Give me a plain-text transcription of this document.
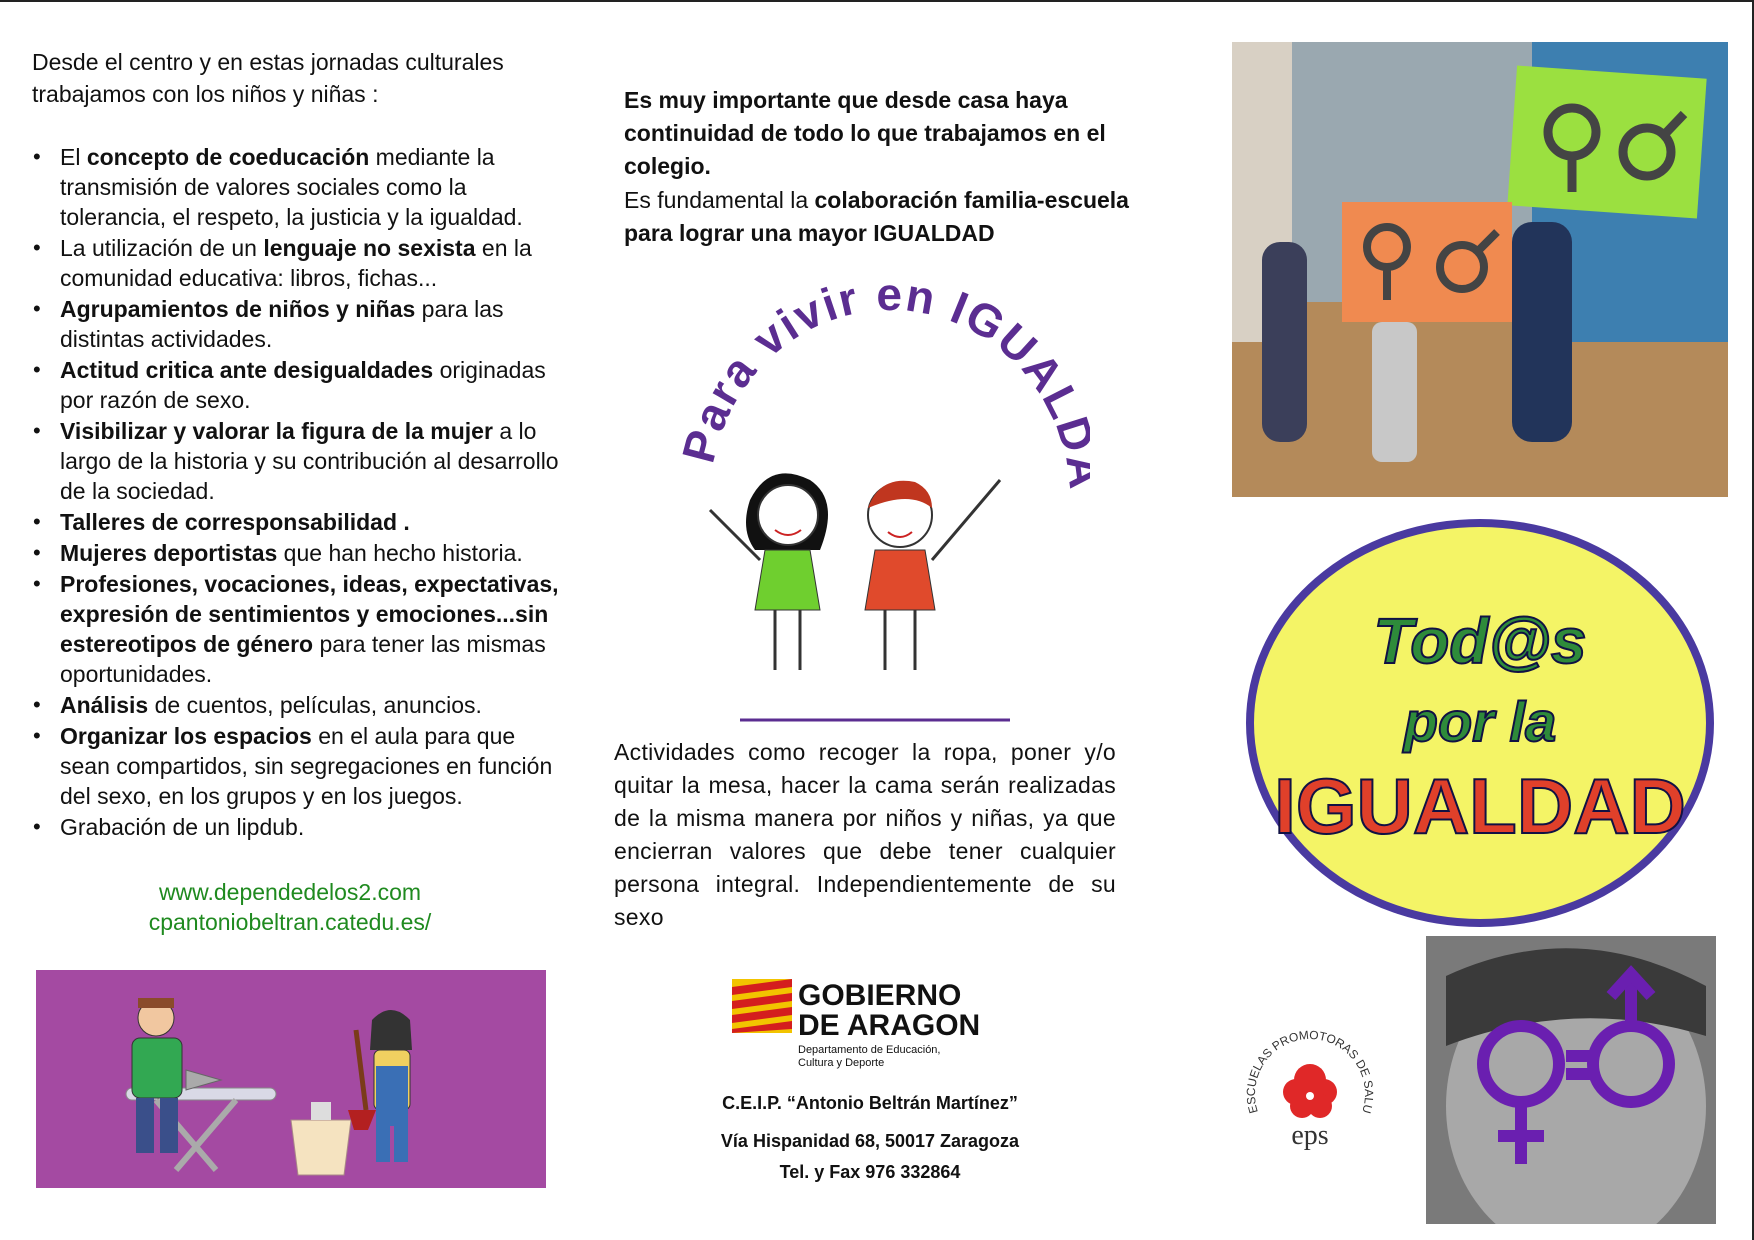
Desde el centro y en estas jornadas culturales trabajamos con los niños y niñas :
• El concepto de coeducación mediante la transmisión de valores sociales como la tolerancia, el respeto, la justicia y la igualdad.
• La utilización de un lenguaje no sexista en la comunidad educativa: libros, fichas...
• Agrupamientos de niños y niñas para las distintas actividades.
• Actitud critica ante desigualdades originadas por razón de sexo.
• Visibilizar y valorar la figura de la mujer a lo largo de la historia y su contribución al desarrollo de la sociedad.
• Talleres de corresponsabilidad .
• Mujeres deportistas que han hecho historia.
• Profesiones, vocaciones, ideas, expectativas, expresión de sentimientos y emociones...sin estereotipos de género para tener las mismas oportunidades.
• Análisis de cuentos, películas, anuncios.
• Organizar los espacios en el aula para que sean compartidos, sin segregaciones en función del sexo, en los grupos y en los juegos.
• Grabación de un lipdub.
www.dependedelos2.com
cpantoniobeltran.catedu.es/
Es muy importante que desde casa haya continuidad de todo lo que trabajamos en el colegio.
Es fundamental la colaboración familia-escuela para lograr una mayor IGUALDAD
Para vivir en IGUAL
Actividades como recoger la ropa, poner y/o quitar la mesa, hacer la cama serán realizadas de la misma manera por niños y niñas, ya que encierran valores que debe tener cualquier persona integral. Independientemente de su sexo
GOBIERNO
DE ARAGON
Departamento de Educación,
Cultura y Deporte
C.E.I.P. “Antonio Beltrán Martínez”
Vía Hispanidad 68, 50017 Zaragoza
Tel. y Fax 976 332864
Tod@s
por la
IGUALDAD
ESCUELAS PROMOTORAS DE SALU
eps
